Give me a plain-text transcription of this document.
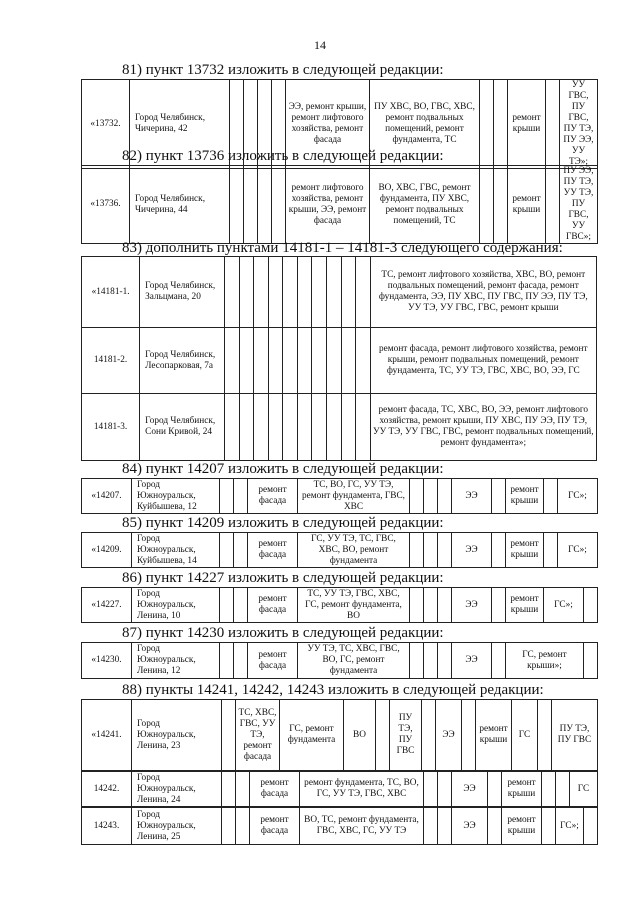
14
81) пункт 13732 изложить в следующей редакции:
«13732.	Город Челябинск, Чичерина, 42					ЭЭ, ремонт крыши, ремонт лифтового хозяйства, ремонт фасада	ПУ ХВС, ВО, ГВС, ХВС, ремонт подвальных помещений, ремонт фундамента, ТС			ремонт крыши		УУ ГВС, ПУ ГВС, ПУ ТЭ, ПУ ЭЭ, УУ ТЭ»;
82) пункт 13736 изложить в следующей редакции:
«13736.	Город Челябинск, Чичерина, 44					ремонт лифтового хозяйства, ремонт крыши, ЭЭ, ремонт фасада	ВО, ХВС, ГВС, ремонт фундамента, ПУ ХВС, ремонт подвальных помещений, ТС			ремонт крыши		ПУ ЭЭ, ПУ ТЭ, УУ ТЭ, ПУ ГВС, УУ ГВС»;
83) дополнить пунктами 14181-1 – 14181-3 следующего содержания:
«14181-1.	Город Челябинск, Зальцмана, 20											ТС, ремонт лифтового хозяйства, ХВС, ВО, ремонт подвальных помещений, ремонт фасада, ремонт фундамента, ЭЭ, ПУ ХВС, ПУ ГВС, ПУ ЭЭ, ПУ ТЭ, УУ ТЭ, УУ ГВС, ГВС, ремонт крыши
14181-2.	Город Челябинск, Лесопарковая, 7а											ремонт фасада, ремонт лифтового хозяйства, ремонт крыши, ремонт подвальных помещений, ремонт фундамента, ТС, УУ ТЭ, ГВС, ХВС, ВО, ЭЭ, ГС
14181-3.	Город Челябинск, Сони Кривой, 24											ремонт фасада, ТС, ХВС, ВО, ЭЭ, ремонт лифтового хозяйства, ремонт крыши, ПУ ХВС, ПУ ЭЭ, ПУ ТЭ, УУ ТЭ, УУ ГВС, ГВС, ремонт подвальных помещений, ремонт фундамента»;
84) пункт 14207 изложить в следующей редакции:
«14207.	Город Южноуральск, Куйбышева, 12			ремонт фасада	ТС, ВО, ГС, УУ ТЭ, ремонт фундамента, ГВС, ХВС				ЭЭ		ремонт крыши		ГС»;
85) пункт 14209 изложить в следующей редакции:
«14209.	Город Южноуральск, Куйбышева, 14			ремонт фасада	ГС, УУ ТЭ, ТС, ГВС, ХВС, ВО, ремонт фундамента				ЭЭ		ремонт крыши		ГС»;
86) пункт 14227 изложить в следующей редакции:
«14227.	Город Южноуральск, Ленина, 10			ремонт фасада	ТС, УУ ТЭ, ГВС, ХВС, ГС, ремонт фундамента, ВО				ЭЭ		ремонт крыши	ГС»;	
87) пункт 14230 изложить в следующей редакции:
«14230.	Город Южноуральск, Ленина, 12			ремонт фасада	УУ ТЭ, ТС, ХВС, ГВС, ВО, ГС, ремонт фундамента				ЭЭ		ГС, ремонт крыши»;	
88) пункты 14241, 14242, 14243 изложить в следующей редакции:
«14241.	Город Южноуральск, Ленина, 23		ТС, ХВС, ГВС, УУ ТЭ, ремонт фасада	ГС, ремонт фундамента	ВО		ПУ ТЭ, ПУ ГВС		ЭЭ		ремонт крыши	ГС		ПУ ТЭ, ПУ ГВС
14242.	Город Южноуральск, Ленина, 24			ремонт фасада	ремонт фундамента, ТС, ВО, ГС, УУ ТЭ, ГВС, ХВС			ЭЭ		ремонт крыши			ГС
14243.	Город Южноуральск, Ленина, 25			ремонт фасада	ВО, ТС, ремонт фундамента, ГВС, ХВС, ГС, УУ ТЭ			ЭЭ		ремонт крыши		ГС»;	
